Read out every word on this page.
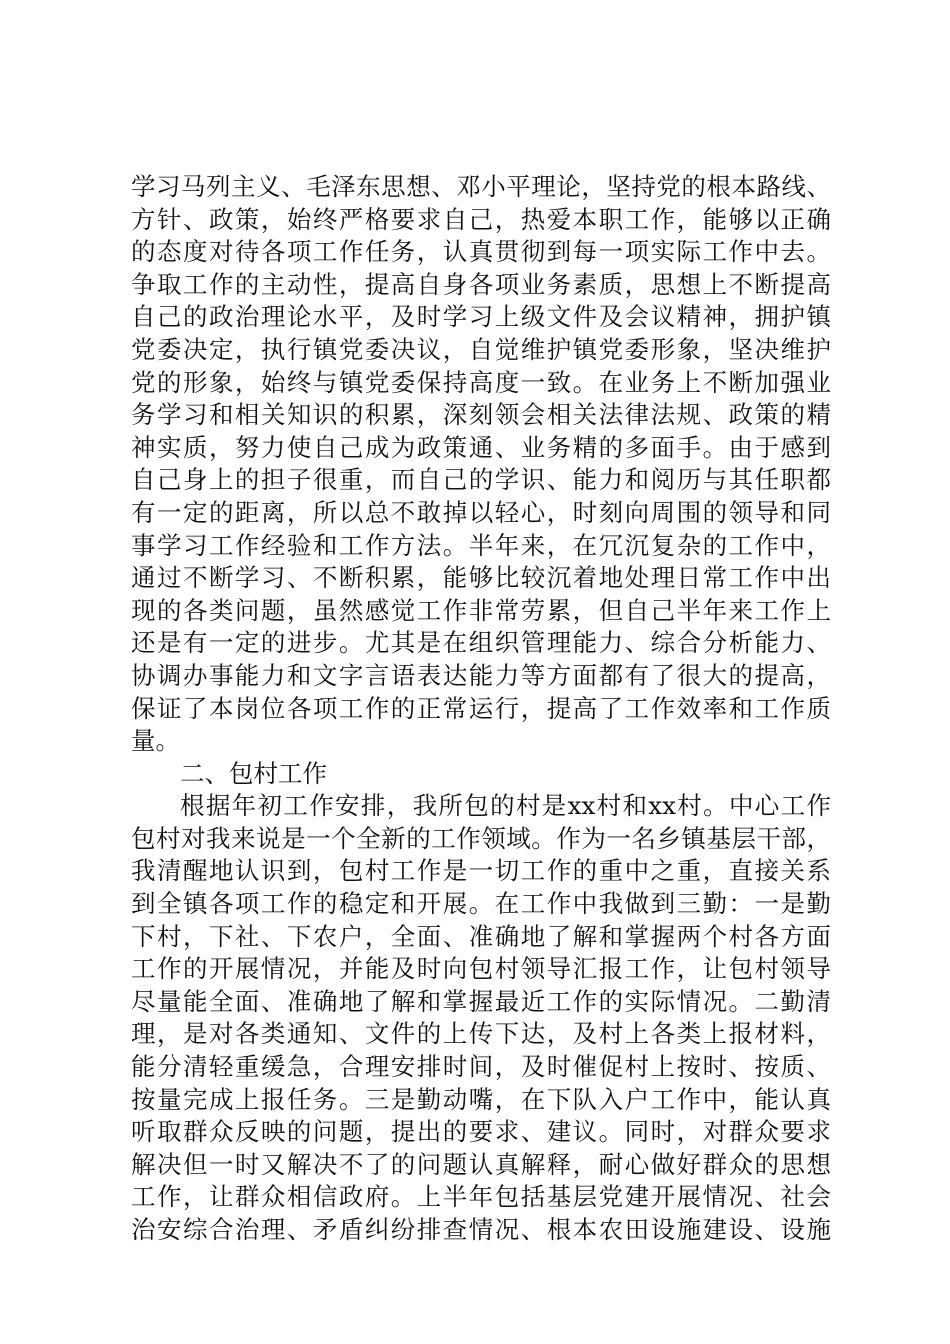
学习马列主义、毛泽东思想、邓小平理论，坚持党的根本路线、
方针、政策，始终严格要求自己，热爱本职工作，能够以正确
的态度对待各项工作任务，认真贯彻到每一项实际工作中去。
争取工作的主动性，提高自身各项业务素质，思想上不断提高
自己的政治理论水平，及时学习上级文件及会议精神，拥护镇
党委决定，执行镇党委决议，自觉维护镇党委形象，坚决维护
党的形象，始终与镇党委保持高度一致。在业务上不断加强业
务学习和相关知识的积累，深刻领会相关法律法规、政策的精
神实质，努力使自己成为政策通、业务精的多面手。由于感到
自己身上的担子很重，而自己的学识、能力和阅历与其任职都
有一定的距离，所以总不敢掉以轻心，时刻向周围的领导和同
事学习工作经验和工作方法。半年来，在冗沉复杂的工作中，
通过不断学习、不断积累，能够比较沉着地处理日常工作中出
现的各类问题，虽然感觉工作非常劳累，但自己半年来工作上
还是有一定的进步。尤其是在组织管理能力、综合分析能力、
协调办事能力和文字言语表达能力等方面都有了很大的提高，
保证了本岗位各项工作的正常运行，提高了工作效率和工作质
量。
二、包村工作
根据年初工作安排，我所包的村是xx村和xx村。中心工作
包村对我来说是一个全新的工作领域。作为一名乡镇基层干部，
我清醒地认识到，包村工作是一切工作的重中之重，直接关系
到全镇各项工作的稳定和开展。在工作中我做到三勤：一是勤
下村，下社、下农户，全面、准确地了解和掌握两个村各方面
工作的开展情况，并能及时向包村领导汇报工作，让包村领导
尽量能全面、准确地了解和掌握最近工作的实际情况。二勤清
理，是对各类通知、文件的上传下达，及村上各类上报材料，
能分清轻重缓急，合理安排时间，及时催促村上按时、按质、
按量完成上报任务。三是勤动嘴，在下队入户工作中，能认真
听取群众反映的问题，提出的要求、建议。同时，对群众要求
解决但一时又解决不了的问题认真解释，耐心做好群众的思想
工作，让群众相信政府。上半年包括基层党建开展情况、社会
治安综合治理、矛盾纠纷排查情况、根本农田设施建设、设施
